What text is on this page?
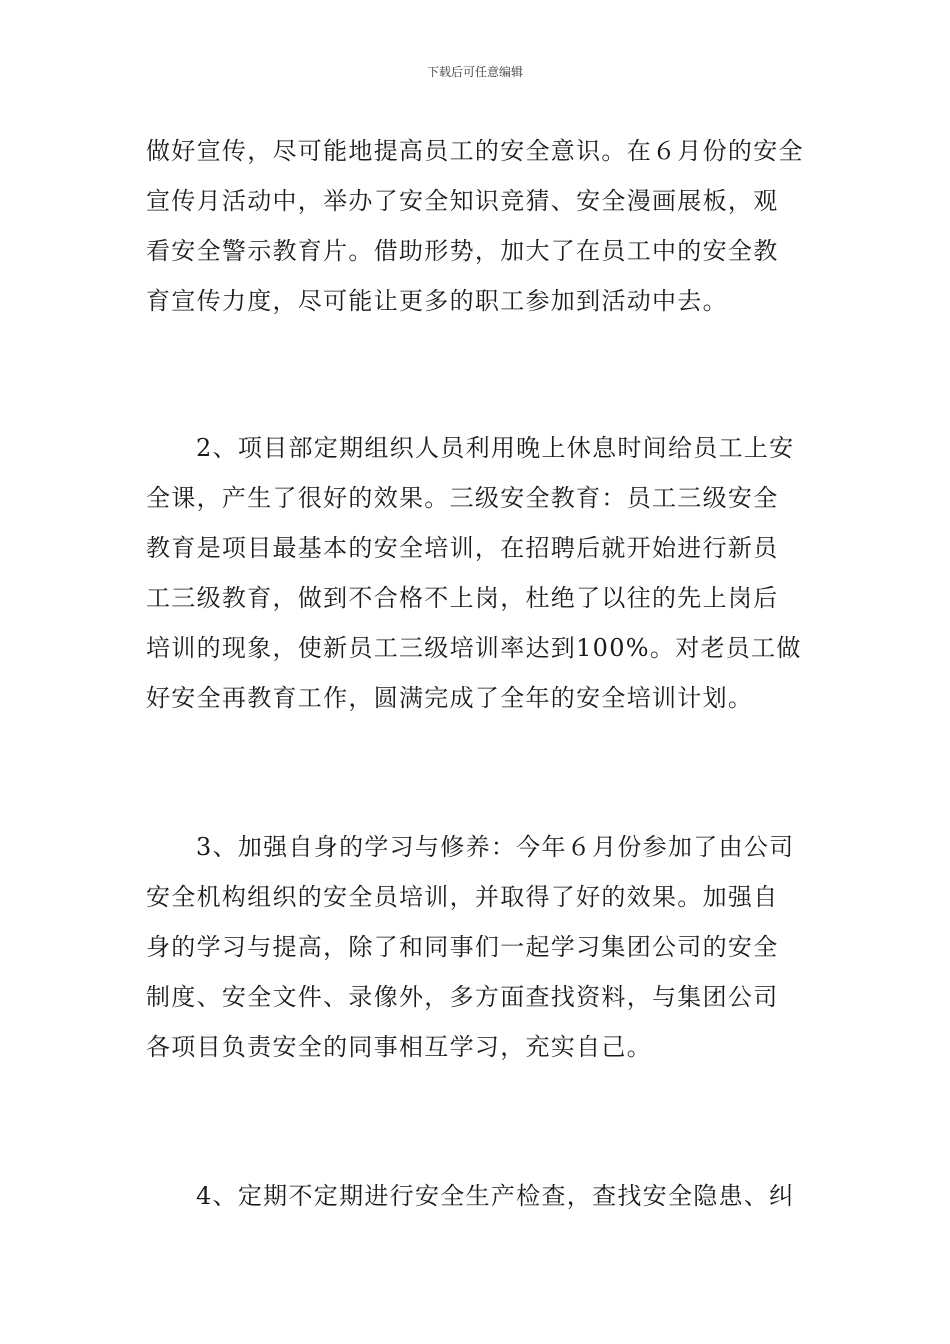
下载后可任意编辑
做好宣传，尽可能地提高员工的安全意识。在６月份的安全
宣传月活动中，举办了安全知识竞猜、安全漫画展板，观
看安全警示教育片。借助形势，加大了在员工中的安全教
育宣传力度，尽可能让更多的职工参加到活动中去。
2、项目部定期组织人员利用晚上休息时间给员工上安
全课，产生了很好的效果。三级安全教育：员工三级安全
教育是项目最基本的安全培训，在招聘后就开始进行新员
工三级教育，做到不合格不上岗，杜绝了以往的先上岗后
培训的现象，使新员工三级培训率达到100%。对老员工做
好安全再教育工作，圆满完成了全年的安全培训计划。
3、加强自身的学习与修养：今年６月份参加了由公司
安全机构组织的安全员培训，并取得了好的效果。加强自
身的学习与提高，除了和同事们一起学习集团公司的安全
制度、安全文件、录像外，多方面查找资料，与集团公司
各项目负责安全的同事相互学习，充实自己。
4、定期不定期进行安全生产检查，查找安全隐患、纠
